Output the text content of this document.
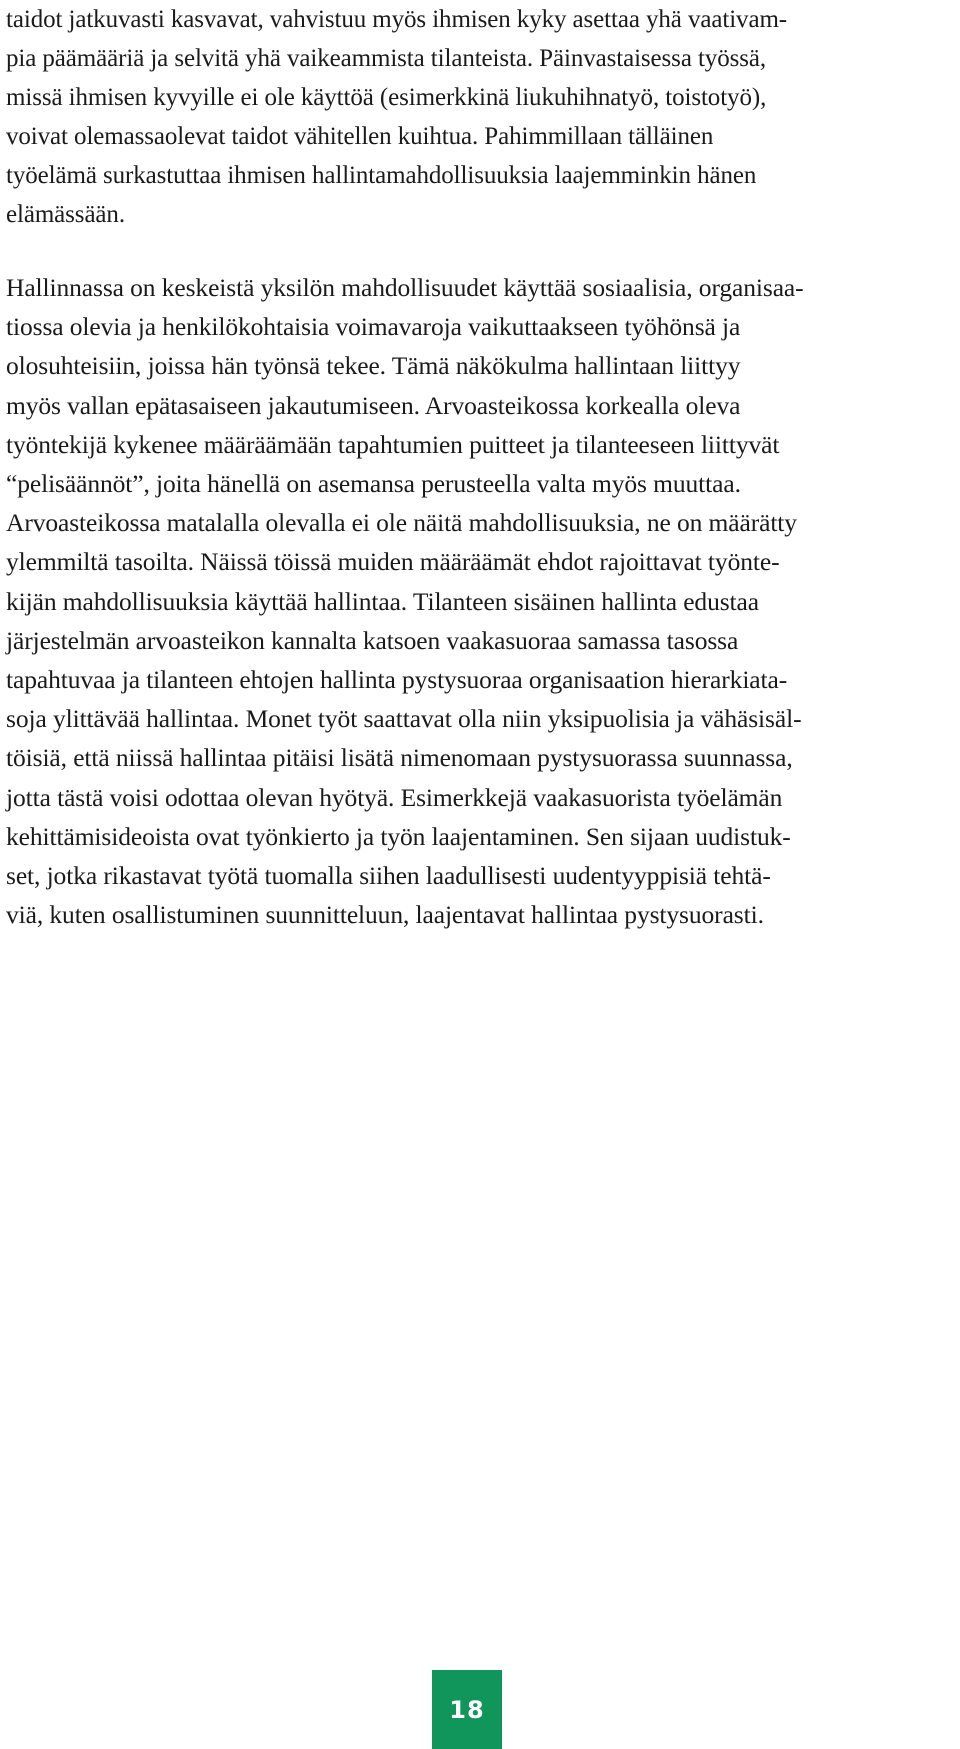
taidot jatkuvasti kasvavat, vahvistuu myös ihmisen kyky asettaa yhä vaativam-
pia päämääriä ja selvitä yhä vaikeammista tilanteista. Päinvastaisessa työssä,
missä ihmisen kyvyille ei ole käyttöä (esimerkkinä liukuhihnatyö, toistotyö),
voivat olemassaolevat taidot vähitellen kuihtua. Pahimmillaan tälläinen
työelämä surkastuttaa ihmisen hallintamahdollisuuksia laajemminkin hänen
elämässään.
Hallinnassa on keskeistä yksilön mahdollisuudet käyttää sosiaalisia, organisaa-
tiossa olevia ja henkilökohtaisia voimavaroja vaikuttaakseen työhönsä ja
olosuhteisiin, joissa hän työnsä tekee. Tämä näkökulma hallintaan liittyy
myös vallan epätasaiseen jakautumiseen. Arvoasteikossa korkealla oleva
työntekijä kykenee määräämään tapahtumien puitteet ja tilanteeseen liittyvät
“pelisäännöt”, joita hänellä on asemansa perusteella valta myös muuttaa.
Arvoasteikossa matalalla olevalla ei ole näitä mahdollisuuksia, ne on määrätty
ylemmiltä tasoilta. Näissä töissä muiden määräämät ehdot rajoittavat työnte-
kijän mahdollisuuksia käyttää hallintaa. Tilanteen sisäinen hallinta edustaa
järjestelmän arvoasteikon kannalta katsoen vaakasuoraa samassa tasossa
tapahtuvaa ja tilanteen ehtojen hallinta pystysuoraa organisaation hierarkiata-
soja ylittävää hallintaa. Monet työt saattavat olla niin yksipuolisia ja vähäsisäl-
töisiä, että niissä hallintaa pitäisi lisätä nimenomaan pystysuorassa suunnassa,
jotta tästä voisi odottaa olevan hyötyä. Esimerkkejä vaakasuorista työelämän
kehittämisideoista ovat työnkierto ja työn laajentaminen. Sen sijaan uudistuk-
set, jotka rikastavat työtä tuomalla siihen laadullisesti uudentyyppisiä tehtä-
viä, kuten osallistuminen suunnitteluun, laajentavat hallintaa pystysuorasti.
18
